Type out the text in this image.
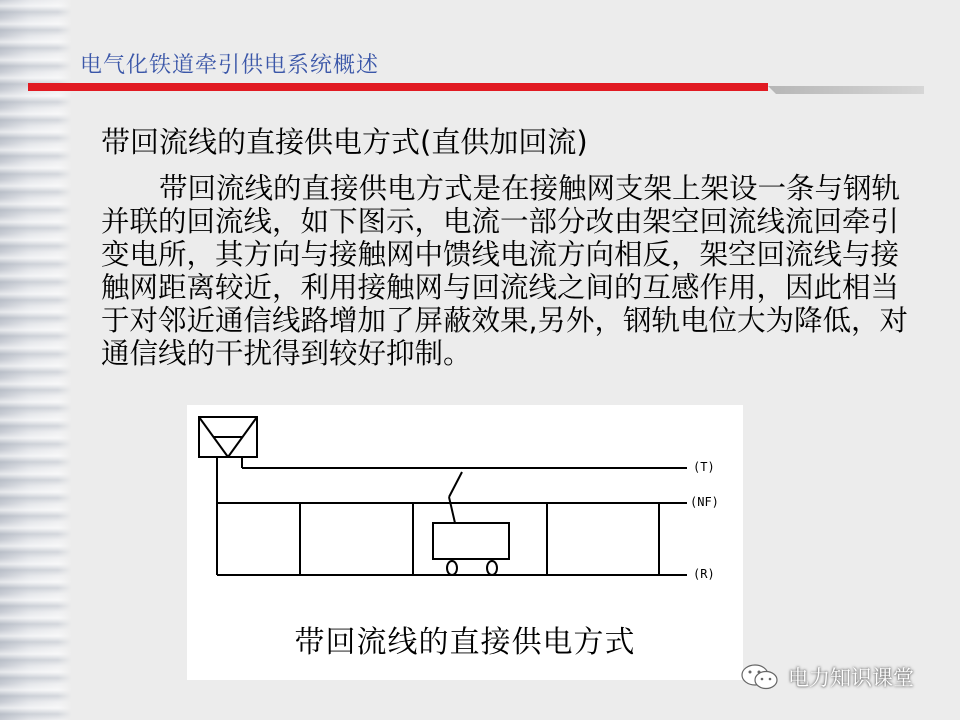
电气化铁道牵引供电系统概述
带回流线的直接供电方式(直供加回流)

带回流线的直接供电方式是在接触网支架上架设一条与钢轨并联的回流线，如下图示，电流一部分改由架空回流线流回牵引变电所，其方向与接触网中馈线电流方向相反，架空回流线与接触网距离较近，利用接触网与回流线之间的互感作用，因此相当于对邻近通信线路增加了屏蔽效果,另外，钢轨电位大为降低，对通信线的干扰得到较好抑制。

(T)
(NF)
(R)
带回流线的直接供电方式
电力知识课堂
